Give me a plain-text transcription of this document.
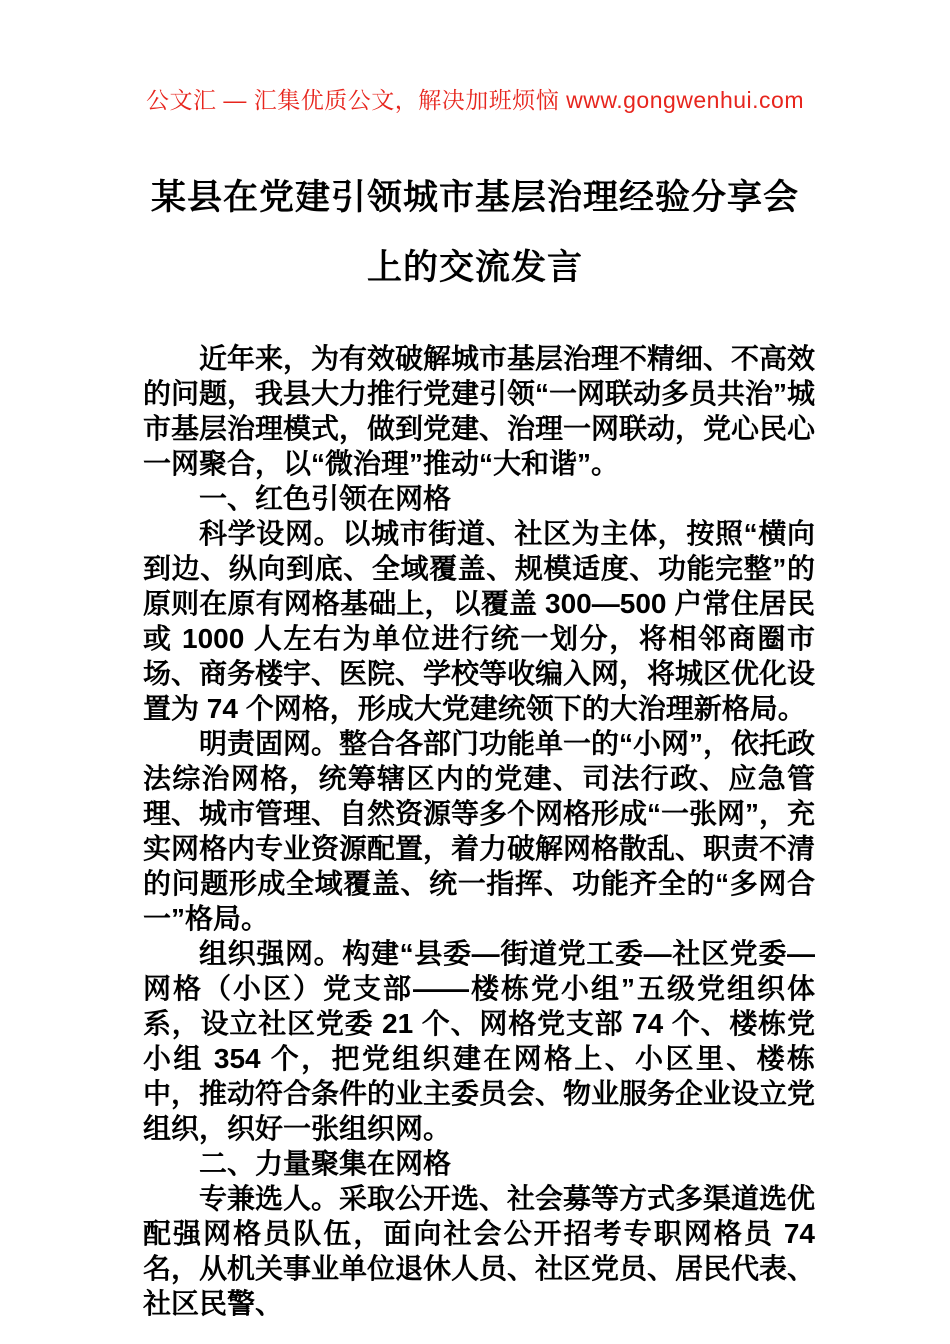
公文汇 — 汇集优质公文，解决加班烦恼 www.gongwenhui.com
某县在党建引领城市基层治理经验分享会
上的交流发言

近年来，为有效破解城市基层治理不精细、不高效的问题，我县大力推行党建引领“一网联动多员共治”城市基层治理模式，做到党建、治理一网联动，党心民心一网聚合，以“微治理”推动“大和谐”。

一、红色引领在网格

科学设网。以城市街道、社区为主体，按照“横向到边、纵向到底、全域覆盖、规模适度、功能完整”的原则在原有网格基础上，以覆盖 300—500 户常住居民或 1000 人左右为单位进行统一划分，将相邻商圈市场、商务楼宇、医院、学校等收编入网，将城区优化设置为 74 个网格，形成大党建统领下的大治理新格局。

明责固网。整合各部门功能单一的“小网”，依托政法综治网格，统筹辖区内的党建、司法行政、应急管理、城市管理、自然资源等多个网格形成“一张网”，充实网格内专业资源配置，着力破解网格散乱、职责不清的问题形成全域覆盖、统一指挥、功能齐全的“多网合一”格局。

组织强网。构建“县委—街道党工委—社区党委—网格（小区）党支部——楼栋党小组”五级党组织体系，设立社区党委 21 个、网格党支部 74 个、楼栋党小组 354 个，把党组织建在网格上、小区里、楼栋中，推动符合条件的业主委员会、物业服务企业设立党组织，织好一张组织网。

二、力量聚集在网格

专兼选人。采取公开选、社会募等方式多渠道选优配强网格员队伍，面向社会公开招考专职网格员 74 名，从机关事业单位退休人员、社区党员、居民代表、社区民警、
